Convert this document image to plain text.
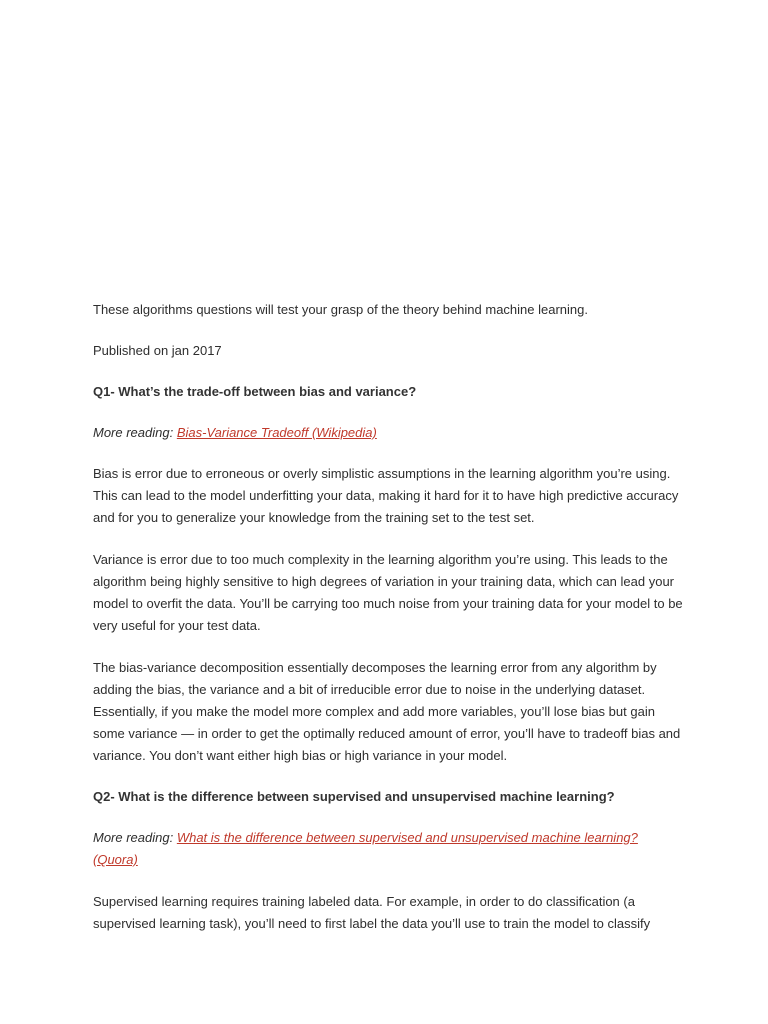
These algorithms questions will test your grasp of the theory behind machine learning.

Published on jan 2017

Q1- What’s the trade-off between bias and variance?

More reading: Bias-Variance Tradeoff (Wikipedia)

Bias is error due to erroneous or overly simplistic assumptions in the learning algorithm you’re using. This can lead to the model underfitting your data, making it hard for it to have high predictive accuracy and for you to generalize your knowledge from the training set to the test set.

Variance is error due to too much complexity in the learning algorithm you’re using. This leads to the algorithm being highly sensitive to high degrees of variation in your training data, which can lead your model to overfit the data. You’ll be carrying too much noise from your training data for your model to be very useful for your test data.

The bias-variance decomposition essentially decomposes the learning error from any algorithm by adding the bias, the variance and a bit of irreducible error due to noise in the underlying dataset. Essentially, if you make the model more complex and add more variables, you’ll lose bias but gain some variance — in order to get the optimally reduced amount of error, you’ll have to tradeoff bias and variance. You don’t want either high bias or high variance in your model.

Q2- What is the difference between supervised and unsupervised machine learning?

More reading: What is the difference between supervised and unsupervised machine learning? (Quora)

Supervised learning requires training labeled data. For example, in order to do classification (a supervised learning task), you’ll need to first label the data you’ll use to train the model to classify
